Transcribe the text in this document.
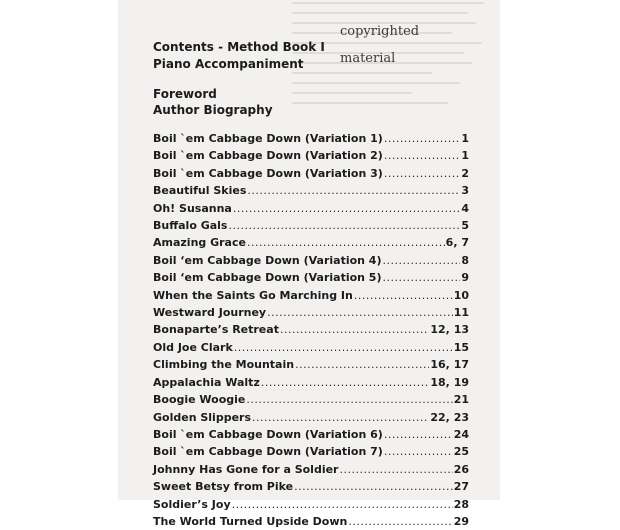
copyrighted
material
Contents - Method Book I
Piano Accompaniment
Foreword
Author Biography
Boil `em Cabbage Down (Variation 1) .....	1
Boil `em Cabbage Down (Variation 2) .....	1
Boil `em Cabbage Down (Variation 3) .....	2
Beautiful Skies .....	3
Oh! Susanna .....	4
Buffalo Gals .....	5
Amazing Grace .....	6, 7
Boil ‘em Cabbage Down (Variation 4) .....	8
Boil ‘em Cabbage Down (Variation 5) .....	9
When the Saints Go Marching In .....	10
Westward Journey .....	11
Bonaparte’s Retreat .....	12, 13
Old Joe Clark .....	15
Climbing the Mountain .....	16, 17
Appalachia Waltz .....	18, 19
Boogie Woogie .....	21
Golden Slippers .....	22, 23
Boil `em Cabbage Down (Variation 6) .....	24
Boil `em Cabbage Down (Variation 7) .....	25
Johnny Has Gone for a Soldier .....	26
Sweet Betsy from Pike .....	27
Soldier’s Joy .....	28
The World Turned Upside Down .....	29
